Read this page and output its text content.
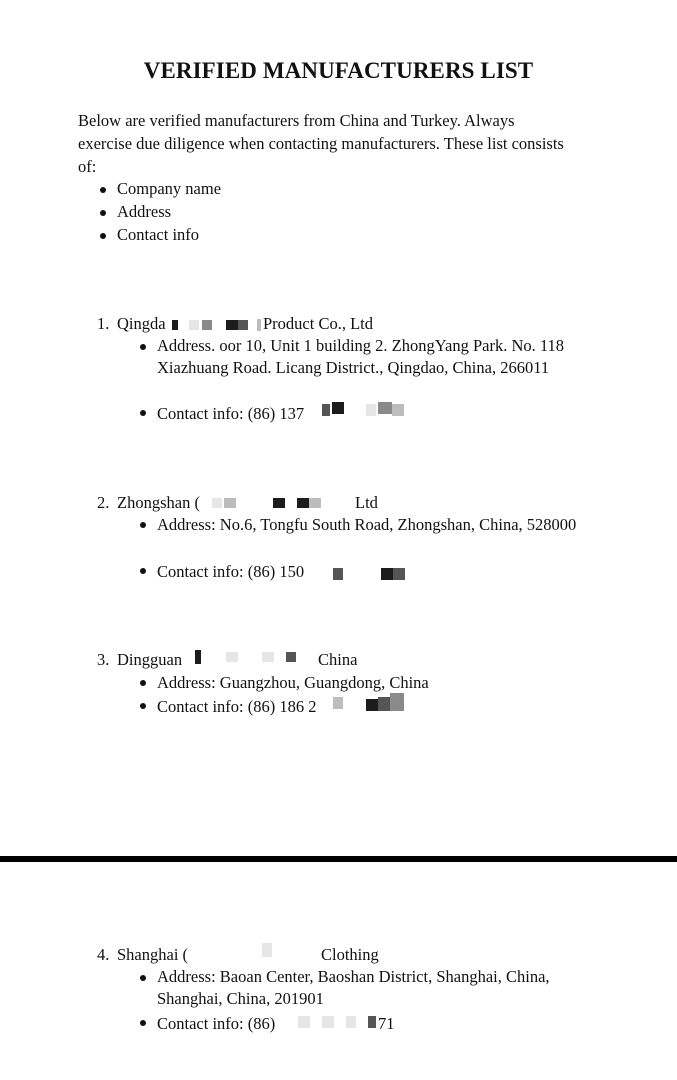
VERIFIED MANUFACTURERS LIST
Below are verified manufacturers from China and Turkey. Always exercise due diligence when contacting manufacturers. These list consists of:
Company name
Address
Contact info
1. Qingda	Product Co., Ltd
Address. oor 10, Unit 1 building 2. ZhongYang Park. No. 118 Xiazhuang Road. Licang District., Qingdao, China, 266011
Contact info: (86) 137
2. Zhongshan (	Ltd
Address: No.6, Tongfu South Road, Zhongshan, China, 528000
Contact info: (86) 150
3. Dingguan	China
Address: Guangzhou, Guangdong, China
Contact info: (86) 186 2
4. Shanghai (	Clothing
Address: Baoan Center, Baoshan District, Shanghai, China, Shanghai, China, 201901
Contact info: (86)	71
